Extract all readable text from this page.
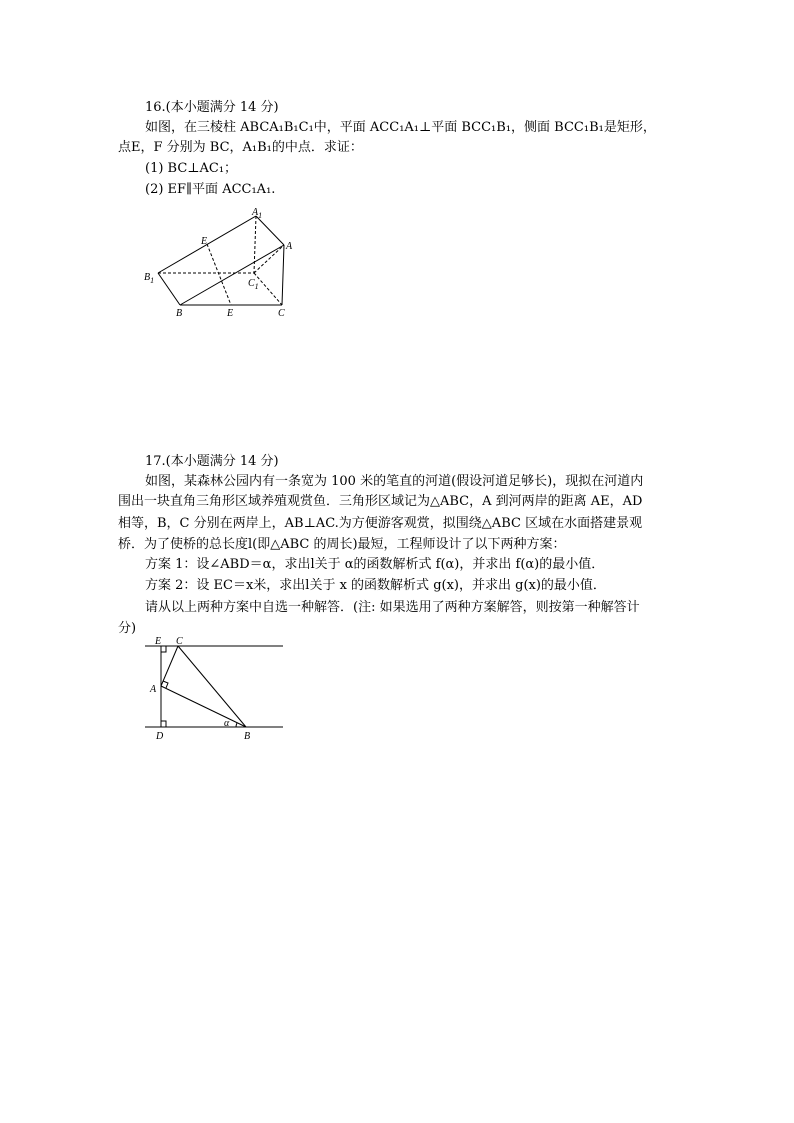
16.(本小题满分 14 分)
如图，在三棱柱 ABCA₁B₁C₁中，平面 ACC₁A₁⊥平面 BCC₁B₁，侧面 BCC₁B₁是矩形，
点E，F 分别为 BC，A₁B₁的中点．求证：
(1) BC⊥AC₁；
(2) EF∥平面 ACC₁A₁.
$A_1$
A
E
$B_1$	$C_1$
B	E	C
17.(本小题满分 14 分)
如图，某森林公园内有一条宽为 100 米的笔直的河道(假设河道足够长)，现拟在河道内
围出一块直角三角形区域养殖观赏鱼．三角形区域记为△ABC，A 到河两岸的距离 AE，AD
相等，B，C 分别在两岸上，AB⊥AC.为方便游客观赏，拟围绕△ABC 区域在水面搭建景观
桥．为了使桥的总长度l(即△ABC 的周长)最短，工程师设计了以下两种方案：
方案 1：设∠ABD＝α，求出l关于 α的函数解析式 f(α)，并求出 f(α)的最小值．
方案 2：设 EC＝x米，求出l关于 x 的函数解析式 g(x)，并求出 g(x)的最小值．
请从以上两种方案中自选一种解答．(注: 如果选用了两种方案解答，则按第一种解答计
分)
E C
A
D	B
α
